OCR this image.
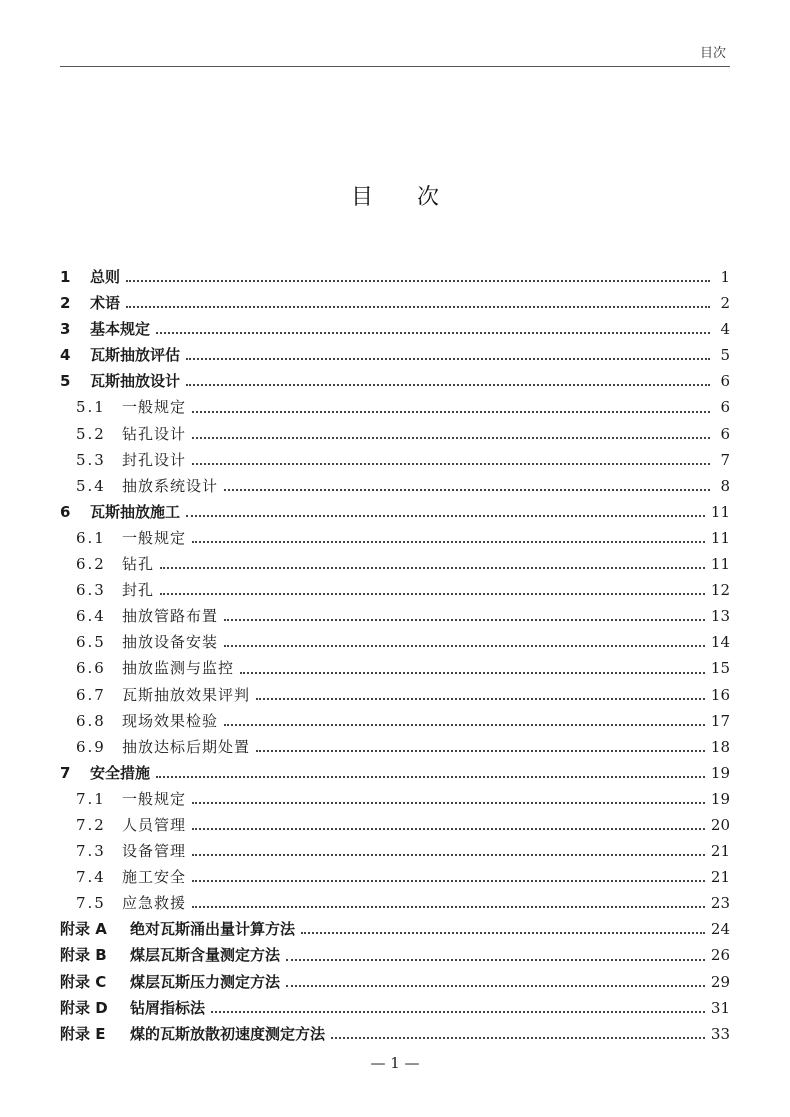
目次
目次
1	总则	1
2	术语	2
3	基本规定	4
4	瓦斯抽放评估	5
5	瓦斯抽放设计	6
5.1	一般规定	6
5.2	钻孔设计	6
5.3	封孔设计	7
5.4	抽放系统设计	8
6	瓦斯抽放施工	11
6.1	一般规定	11
6.2	钻孔	11
6.3	封孔	12
6.4	抽放管路布置	13
6.5	抽放设备安装	14
6.6	抽放监测与监控	15
6.7	瓦斯抽放效果评判	16
6.8	现场效果检验	17
6.9	抽放达标后期处置	18
7	安全措施	19
7.1	一般规定	19
7.2	人员管理	20
7.3	设备管理	21
7.4	施工安全	21
7.5	应急救援	23
附录 A	绝对瓦斯涌出量计算方法	24
附录 B	煤层瓦斯含量测定方法	26
附录 C	煤层瓦斯压力测定方法	29
附录 D	钻屑指标法	31
附录 E	煤的瓦斯放散初速度测定方法	33
— 1 —
